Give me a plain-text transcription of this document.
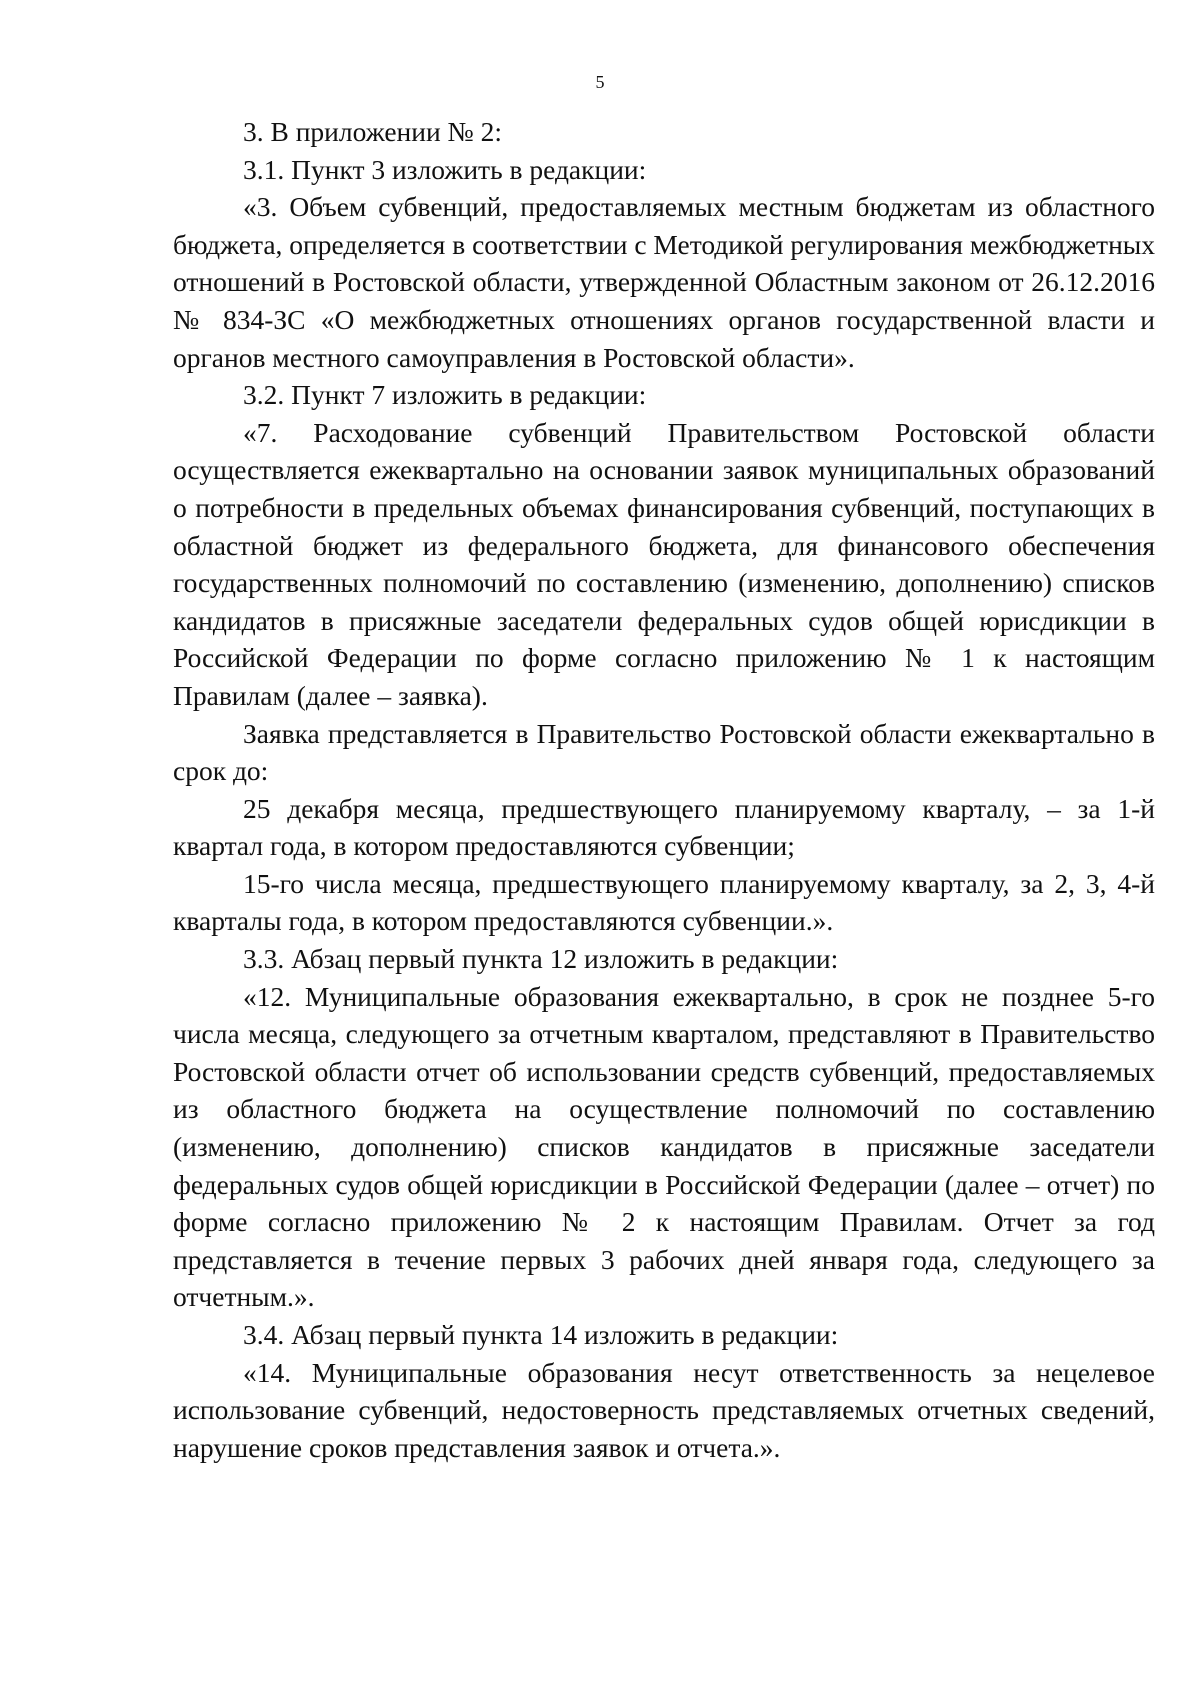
5

3. В приложении № 2:

3.1. Пункт 3 изложить в редакции:

«3. Объем субвенций, предоставляемых местным бюджетам из областного бюджета, определяется в соответствии с Методикой регулирования межбюджетных отношений в Ростовской области, утвержденной Областным законом от 26.12.2016 № 834-ЗС «О межбюджетных отношениях органов государственной власти и органов местного самоуправления в Ростовской области».

3.2. Пункт 7 изложить в редакции:

«7. Расходование субвенций Правительством Ростовской области осуществляется ежеквартально на основании заявок муниципальных образований о потребности в предельных объемах финансирования субвенций, поступающих в областной бюджет из федерального бюджета, для финансового обеспечения государственных полномочий по составлению (изменению, дополнению) списков кандидатов в присяжные заседатели федеральных судов общей юрисдикции в Российской Федерации по форме согласно приложению № 1 к настоящим Правилам (далее – заявка).

Заявка представляется в Правительство Ростовской области ежеквартально в срок до:

25 декабря месяца, предшествующего планируемому кварталу, – за 1-й квартал года, в котором предоставляются субвенции;

15-го числа месяца, предшествующего планируемому кварталу, за 2, 3, 4-й кварталы года, в котором предоставляются субвенции.».

3.3. Абзац первый пункта 12 изложить в редакции:

«12. Муниципальные образования ежеквартально, в срок не позднее 5-го числа месяца, следующего за отчетным кварталом, представляют в Правительство Ростовской области отчет об использовании средств субвенций, предоставляемых из областного бюджета на осуществление полномочий по составлению (изменению, дополнению) списков кандидатов в присяжные заседатели федеральных судов общей юрисдикции в Российской Федерации (далее – отчет) по форме согласно приложению № 2 к настоящим Правилам. Отчет за год представляется в течение первых 3 рабочих дней января года, следующего за отчетным.».

3.4. Абзац первый пункта 14 изложить в редакции:

«14. Муниципальные образования несут ответственность за нецелевое использование субвенций, недостоверность представляемых отчетных сведений, нарушение сроков представления заявок и отчета.».
